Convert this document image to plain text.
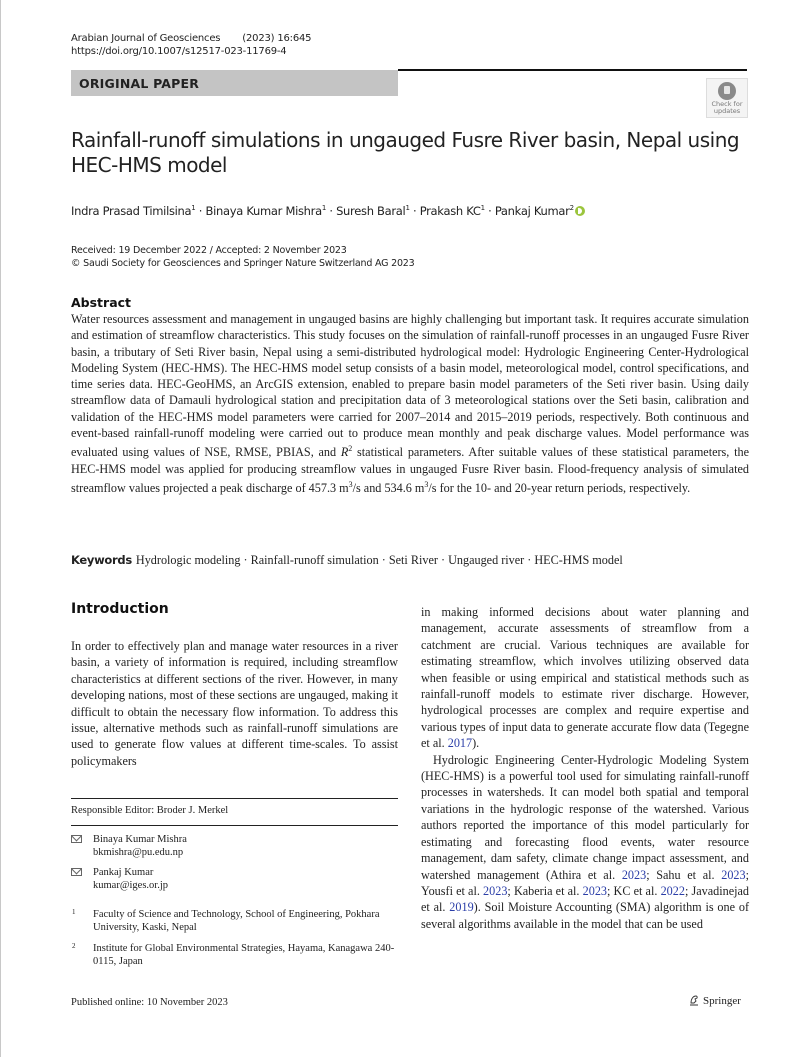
Arabian Journal of Geosciences (2023) 16:645
https://doi.org/10.1007/s12517-023-11769-4
ORIGINAL PAPER
Check for
updates
Rainfall-runoff simulations in ungauged Fusre River basin, Nepal using HEC-HMS model
Indra Prasad Timilsina$^1$ · Binaya Kumar Mishra$^1$ · Suresh Baral$^1$ · Prakash $KC^1$ · Pankaj Kumar$^2$
Received: 19 December 2022 / Accepted: 2 November 2023
© Saudi Society for Geosciences and Springer Nature Switzerland AG 2023
Abstract
Water resources assessment and management in ungauged basins are highly challenging but important task. It requires accurate simulation and estimation of streamflow characteristics. This study focuses on the simulation of rainfall-runoff processes in an ungauged Fusre River basin, a tributary of Seti River basin, Nepal using a semi-distributed hydrological model: Hydrologic Engineering Center-Hydrological Modeling System (HEC-HMS). The HEC-HMS model setup consists of a basin model, meteorological model, control specifications, and time series data. HEC-GeoHMS, an ArcGIS extension, enabled to prepare basin model parameters of the Seti river basin. Using daily streamflow data of Damauli hydrological station and precipitation data of 3 meteorological stations over the Seti basin, calibration and validation of the HEC-HMS model parameters were carried for 2007–2014 and 2015–2019 periods, respectively. Both continuous and event-based rainfall-runoff modeling were carried out to produce mean monthly and peak discharge values. Model performance was evaluated using values of NSE, RMSE, PBIAS, and $R^2$ statistical parameters. After suitable values of these statistical parameters, the HEC-HMS model was applied for producing streamflow values in ungauged Fusre River basin. Flood-frequency analysis of simulated streamflow values projected a peak discharge of 457.3 $m^3/s$ and 534.6 $m^3/s$ for the 10- and 20-year return periods, respectively.
Keywords Hydrologic modeling · Rainfall-runoff simulation · Seti River · Ungauged river · HEC-HMS model
Introduction
In order to effectively plan and manage water resources in a river basin, a variety of information is required, including streamflow characteristics at different sections of the river. However, in many developing nations, most of these sections are ungauged, making it difficult to obtain the necessary flow information. To address this issue, alternative methods such as rainfall-runoff simulations are used to generate flow values at different time-scales. To assist policymakers

in making informed decisions about water planning and management, accurate assessments of streamflow from a catchment are crucial. Various techniques are available for estimating streamflow, which involves utilizing observed data when feasible or using empirical and statistical methods such as rainfall-runoff models to estimate river discharge. However, hydrological processes are complex and require expertise and various types of input data to generate accurate flow data (Tegegne et al. 2017).

Hydrologic Engineering Center-Hydrologic Modeling System (HEC-HMS) is a powerful tool used for simulating rainfall-runoff processes in watersheds. It can model both spatial and temporal variations in the hydrologic response of the watershed. Various authors reported the importance of this model particularly for estimating and forecasting flood events, water resource management, dam safety, climate change impact assessment, and watershed management (Athira et al. 2023; Sahu et al. 2023; Yousfi et al. 2023; Kaberia et al. 2023; KC et al. 2022; Javadinejad et al. 2019). Soil Moisture Accounting (SMA) algorithm is one of several algorithms available in the model that can be used

Responsible Editor: Broder J. Merkel
Binaya Kumar Mishra
bkmishra@pu.edu.np
Pankaj Kumar
kumar@iges.or.jp
1 Faculty of Science and Technology, School of Engineering, Pokhara University, Kaski, Nepal
2 Institute for Global Environmental Strategies, Hayama, Kanagawa 240-0115, Japan
Published online: 10 November 2023	Springer
